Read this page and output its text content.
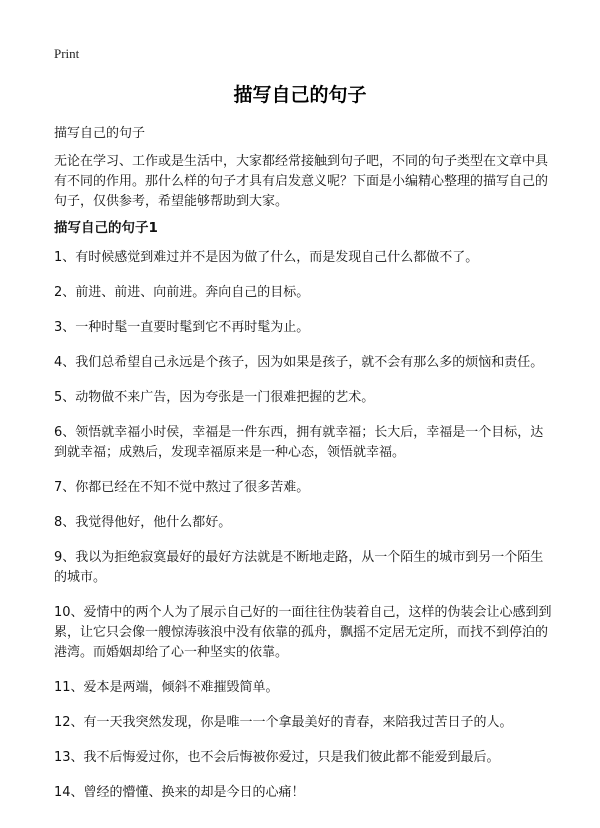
Print
描写自己的句子
描写自己的句子

无论在学习、工作或是生活中，大家都经常接触到句子吧，不同的句子类型在文章中具有不同的作用。那什么样的句子才具有启发意义呢？下面是小编精心整理的描写自己的句子，仅供参考，希望能够帮助到大家。

描写自己的句子1
1、有时候感觉到难过并不是因为做了什么，而是发现自己什么都做不了。
2、前进、前进、向前进。奔向自己的目标。
3、一种时髦一直要时髦到它不再时髦为止。
4、我们总希望自己永远是个孩子，因为如果是孩子，就不会有那么多的烦恼和责任。
5、动物做不来广告，因为夸张是一门很难把握的艺术。
6、领悟就幸福小时侯，幸福是一件东西，拥有就幸福；长大后，幸福是一个目标，达到就幸福；成熟后，发现幸福原来是一种心态，领悟就幸福。
7、你都已经在不知不觉中熬过了很多苦难。
8、我觉得他好，他什么都好。
9、我以为拒绝寂寞最好的最好方法就是不断地走路，从一个陌生的城市到另一个陌生的城市。
10、爱情中的两个人为了展示自己好的一面往往伪装着自己，这样的伪装会让心感到到累，让它只会像一艘惊涛骇浪中没有依靠的孤舟，飘摇不定居无定所，而找不到停泊的港湾。而婚姻却给了心一种坚实的依靠。
11、爱本是两端，倾斜不难摧毁简单。
12、有一天我突然发现，你是唯一一个拿最美好的青春，来陪我过苦日子的人。
13、我不后悔爱过你，也不会后悔被你爱过，只是我们彼此都不能爱到最后。
14、曾经的懵懂、换来的却是今日的心痛！
